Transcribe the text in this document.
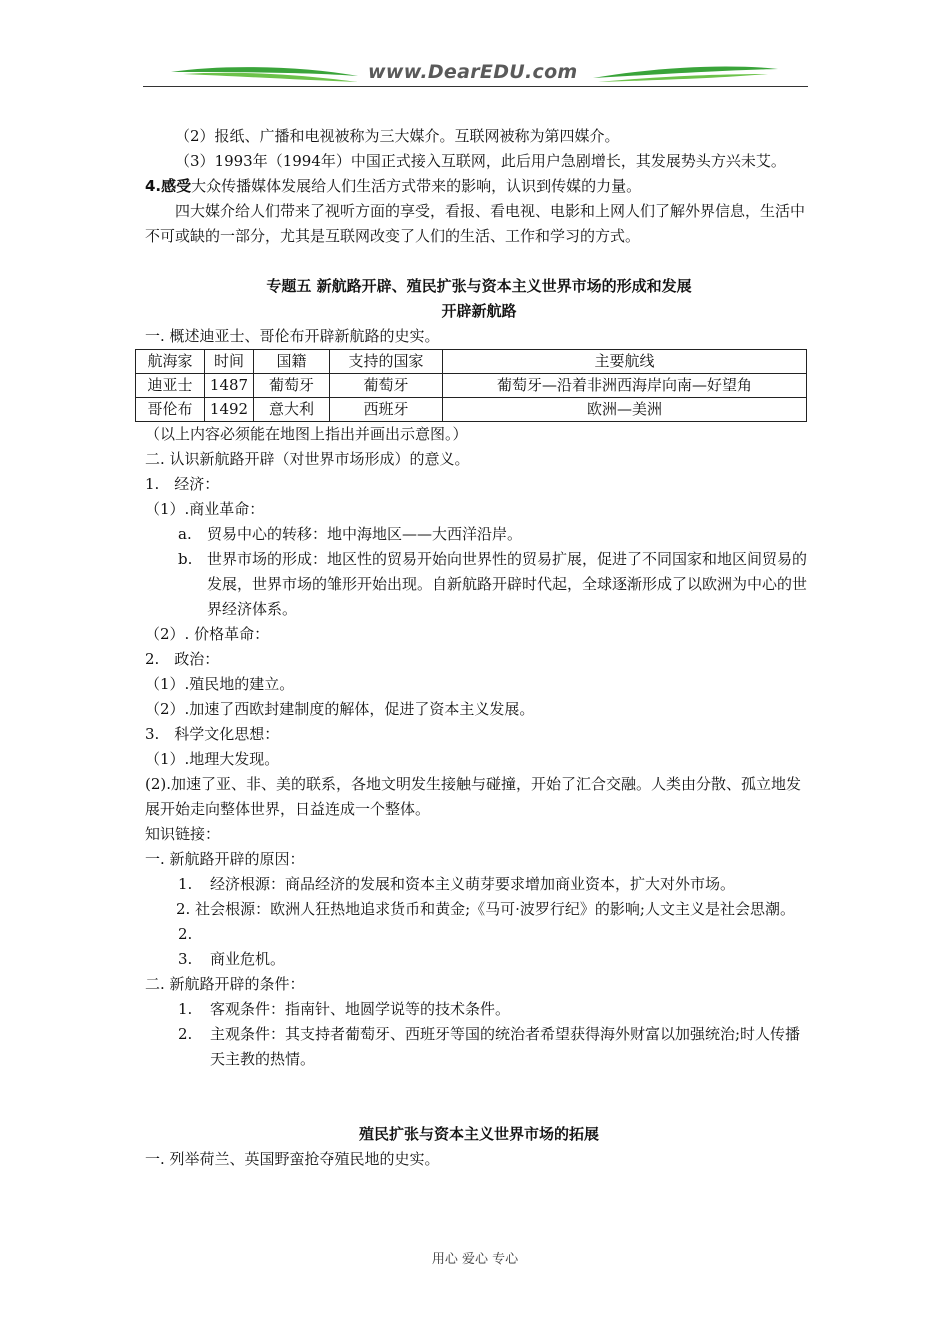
www.DearEDU.com

（2）报纸、广播和电视被称为三大媒介。互联网被称为第四媒介。

（3）1993年（1994年）中国正式接入互联网，此后用户急剧增长，其发展势头方兴未艾。

4.感受大众传播媒体发展给人们生活方式带来的影响，认识到传媒的力量。

四大媒介给人们带来了视听方面的享受，看报、看电视、电影和上网人们了解外界信息，生活中不可或缺的一部分，尤其是互联网改变了人们的生活、工作和学习的方式。

专题五 新航路开辟、殖民扩张与资本主义世界市场的形成和发展

开辟新航路

一. 概述迪亚士、哥伦布开辟新航路的史实。

航海家	时间	国籍	支持的国家	主要航线
迪亚士	1487	葡萄牙	葡萄牙	葡萄牙—沿着非洲西海岸向南—好望角
哥伦布	1492	意大利	西班牙	欧洲—美洲

（以上内容必须能在地图上指出并画出示意图。）

二. 认识新航路开辟（对世界市场形成）的意义。

1.　经济：

（1）.商业革命：

a.	贸易中心的转移：地中海地区——大西洋沿岸。
b. 世界市场的形成：地区性的贸易开始向世界性的贸易扩展，促进了不同国家和地区间贸易的发展，世界市场的雏形开始出现。自新航路开辟时代起，全球逐渐形成了以欧洲为中心的世界经济体系。

（2）. 价格革命：

2.　政治：

（1）.殖民地的建立。

（2）.加速了西欧封建制度的解体，促进了资本主义发展。

3.　科学文化思想：

（1）.地理大发现。

(2).加速了亚、非、美的联系，各地文明发生接触与碰撞，开始了汇合交融。人类由分散、孤立地发展开始走向整体世界，日益连成一个整体。

知识链接：

一. 新航路开辟的原因：

1.	经济根源：商品经济的发展和资本主义萌芽要求增加商业资本，扩大对外市场。

2. 社会根源：欧洲人狂热地追求货币和黄金;《马可·波罗行纪》的影响;人文主义是社会思潮。

2.
3.	商业危机。

二. 新航路开辟的条件：

1.	客观条件：指南针、地圆学说等的技术条件。
2.	主观条件：其支持者葡萄牙、西班牙等国的统治者希望获得海外财富以加强统治;时人传播天主教的热情。

殖民扩张与资本主义世界市场的拓展

一. 列举荷兰、英国野蛮抢夺殖民地的史实。

用心 爱心 专心
